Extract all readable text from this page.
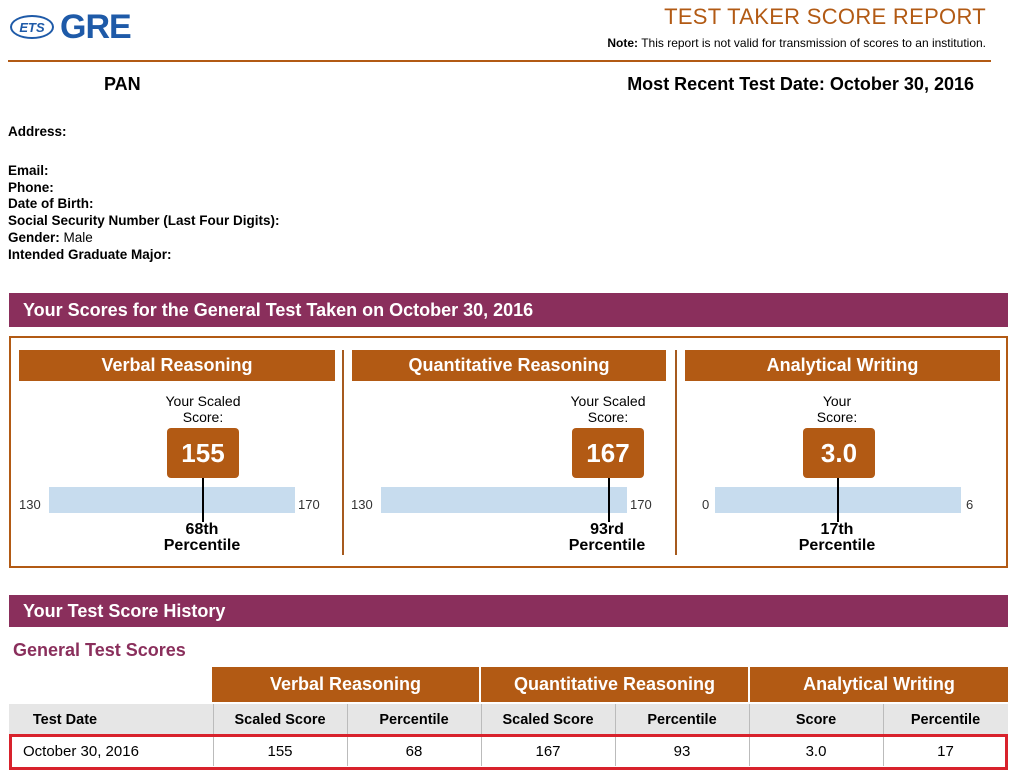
ETS GRE	TEST TAKER SCORE REPORT
Note: This report is not valid for transmission of scores to an institution.
PAN	Most Recent Test Date: October 30, 2016
Address:
Email:
Phone:
Date of Birth:
Social Security Number (Last Four Digits):
Gender: Male
Intended Graduate Major:
Your Scores for the General Test Taken on October 30, 2016
Verbal Reasoning
Your Scaled
Score:
155
130	170
68th
Percentile
Quantitative Reasoning
Your Scaled
Score:
167
130	170
93rd
Percentile
Analytical Writing
Your
Score:
3.0
0	6
17th
Percentile
Your Test Score History
General Test Scores
Verbal Reasoning	Quantitative Reasoning	Analytical Writing
Test Date	Scaled Score	Percentile	Scaled Score	Percentile	Score	Percentile
October 30, 2016	155	68	167	93	3.0	17
